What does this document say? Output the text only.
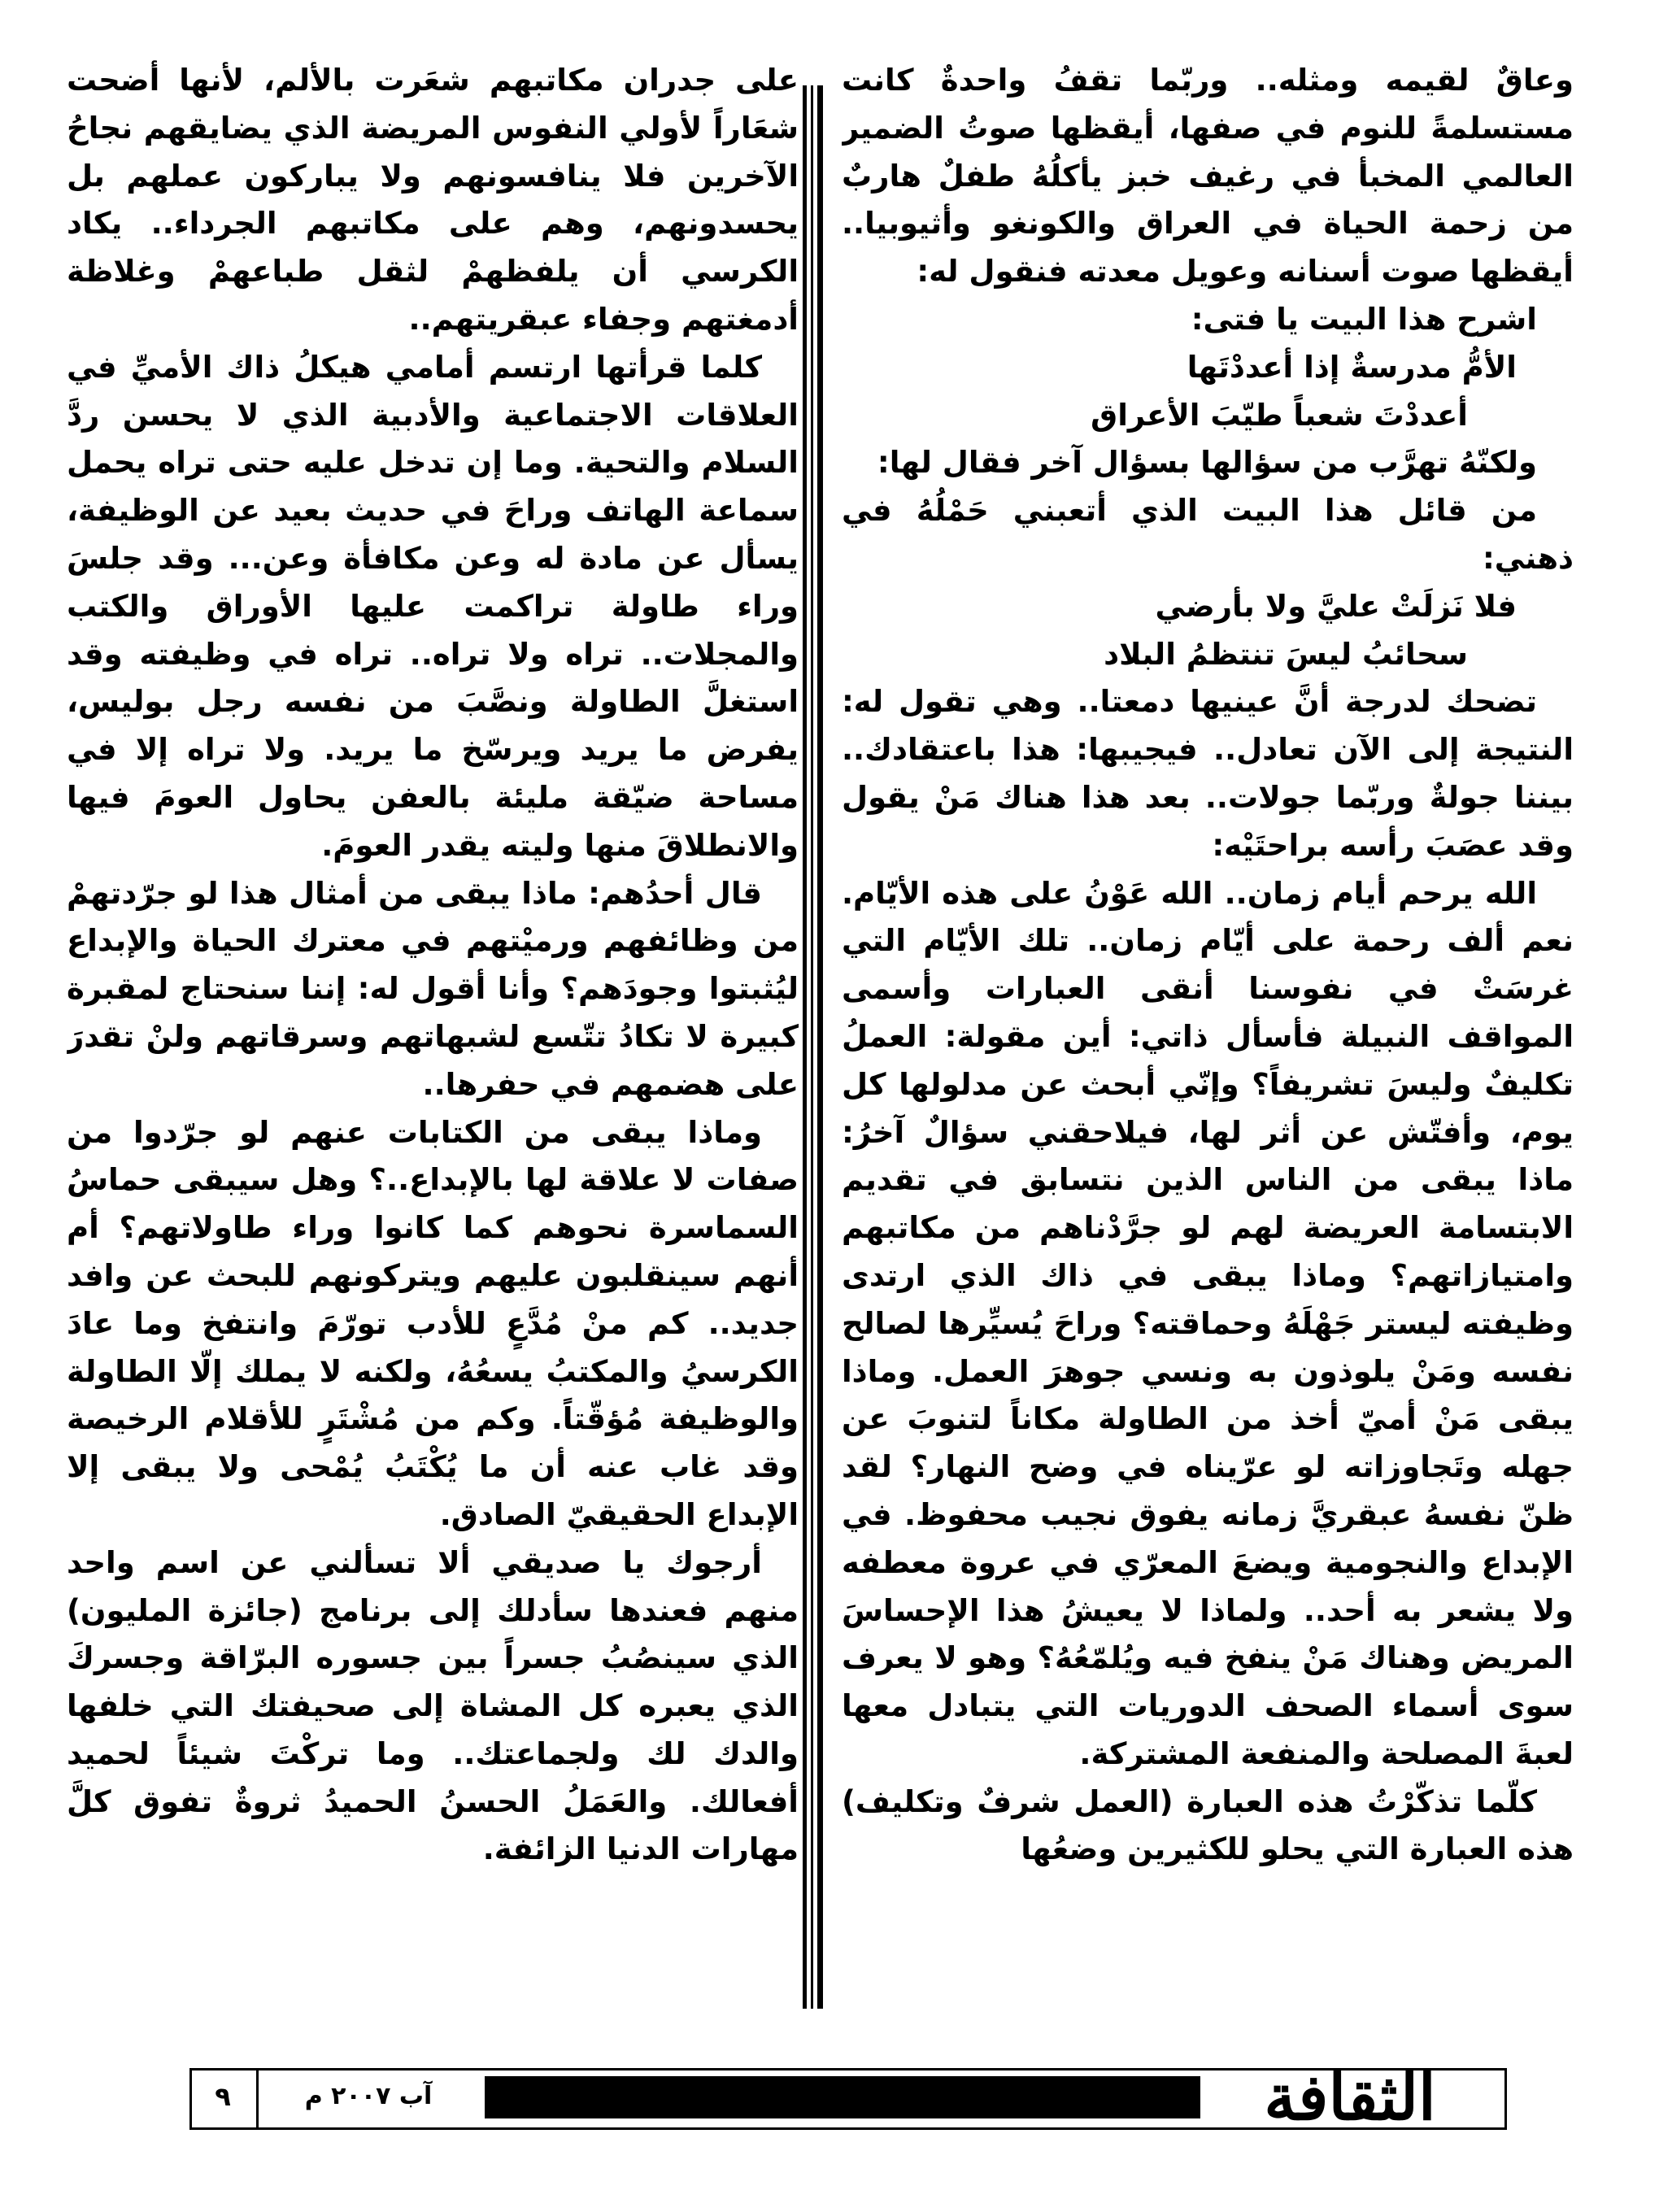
وعاقٌ لقيمه ومثله.. وربّما تقفُ واحدةٌ كانت مستسلمةً للنوم في صفها، أيقظها صوتُ الضمير العالمي المخبأ في رغيف خبز يأكلُهُ طفلٌ هاربٌ من زحمة الحياة في العراق والكونغو وأثيوبيا.. أيقظها صوت أسنانه وعويل معدته فنقول له:

اشرح هذا البيت يا فتى:

الأمُّ مدرسةٌ إذا أعددْتَها

أعددْتَ شعباً طيّبَ الأعراق

ولكنّهُ تهرَّب من سؤالها بسؤال آخر فقال لها:

من قائل هذا البيت الذي أتعبني حَمْلُهُ في ذهني:

فلا نَزلَتْ عليَّ ولا بأرضي

سحائبُ ليسَ تنتظمُ البلاد

تضحك لدرجة أنَّ عينيها دمعتا.. وهي تقول له: النتيجة إلى الآن تعادل.. فيجيبها: هذا باعتقادك.. بيننا جولةٌ وربّما جولات.. بعد هذا هناك مَنْ يقول وقد عصَبَ رأسه براحتَيْه:

الله يرحم أيام زمان.. الله عَوْنُ على هذه الأيّام. نعم ألف رحمة على أيّام زمان.. تلك الأيّام التي غرسَتْ في نفوسنا أنقى العبارات وأسمى المواقف النبيلة فأسأل ذاتي: أين مقولة: العملُ تكليفٌ وليسَ تشريفاً؟ وإنّي أبحث عن مدلولها كل يوم، وأفتّش عن أثر لها، فيلاحقني سؤالٌ آخرُ: ماذا يبقى من الناس الذين نتسابق في تقديم الابتسامة العريضة لهم لو جرَّدْناهم من مكاتبهم وامتيازاتهم؟ وماذا يبقى في ذاك الذي ارتدى وظيفته ليستر جَهْلَهُ وحماقته؟ وراحَ يُسيِّرها لصالح نفسه ومَنْ يلوذون به ونسي جوهرَ العمل. وماذا يبقى مَنْ أميّ أخذ من الطاولة مكاناً لتنوبَ عن جهله وتَجاوزاته لو عرّيناه في وضح النهار؟ لقد ظنّ نفسهُ عبقريَّ زمانه يفوق نجيب محفوظ. في الإبداع والنجومية ويضعَ المعرّي في عروة معطفه ولا يشعر به أحد.. ولماذا لا يعيشُ هذا الإحساسَ المريض وهناك مَنْ ينفخ فيه ويُلمّعُهُ؟ وهو لا يعرف سوى أسماء الصحف الدوريات التي يتبادل معها لعبةَ المصلحة والمنفعة المشتركة.

كلّما تذكّرْتُ هذه العبارة (العمل شرفٌ وتكليف) هذه العبارة التي يحلو للكثيرين وضعُها

على جدران مكاتبهم شعَرت بالألم، لأنها أضحت شعَاراً لأولي النفوس المريضة الذي يضايقهم نجاحُ الآخرين فلا ينافسونهم ولا يباركون عملهم بل يحسدونهم، وهم على مكاتبهم الجرداء.. يكاد الكرسي أن يلفظهمْ لثقل طباعهمْ وغلاظة أدمغتهم وجفاء عبقريتهم..

كلما قرأتها ارتسم أمامي هيكلُ ذاك الأميِّ في العلاقات الاجتماعية والأدبية الذي لا يحسن ردَّ السلام والتحية. وما إن تدخل عليه حتى تراه يحمل سماعة الهاتف وراحَ في حديث بعيد عن الوظيفة، يسأل عن مادة له وعن مكافأة وعن... وقد جلسَ وراء طاولة تراكمت عليها الأوراق والكتب والمجلات.. تراه ولا تراه.. تراه في وظيفته وقد استغلَّ الطاولة ونصَّبَ من نفسه رجل بوليس، يفرض ما يريد ويرسّخ ما يريد. ولا تراه إلا في مساحة ضيّقة مليئة بالعفن يحاول العومَ فيها والانطلاقَ منها وليته يقدر العومَ.

قال أحدُهم: ماذا يبقى من أمثال هذا لو جرّدتهمْ من وظائفهم ورميْتهم في معترك الحياة والإبداع ليُثبتوا وجودَهم؟ وأنا أقول له: إننا سنحتاج لمقبرة كبيرة لا تكادُ تتّسع لشبهاتهم وسرقاتهم ولنْ تقدرَ على هضمهم في حفرها..

وماذا يبقى من الكتابات عنهم لو جرّدوا من صفات لا علاقة لها بالإبداع..؟ وهل سيبقى حماسُ السماسرة نحوهم كما كانوا وراء طاولاتهم؟ أم أنهم سينقلبون عليهم ويتركونهم للبحث عن وافد جديد.. كم منْ مُدَّعٍ للأدب تورّمَ وانتفخ وما عادَ الكرسيُ والمكتبُ يسعُهُ، ولكنه لا يملك إلّا الطاولة والوظيفة مُؤقّتاً. وكم من مُشْتَرٍ للأقلام الرخيصة وقد غاب عنه أن ما يُكْتَبُ يُمْحى ولا يبقى إلا الإبداع الحقيقيّ الصادق.

أرجوك يا صديقي ألا تسألني عن اسم واحد منهم فعندها سأدلك إلى برنامج (جائزة المليون) الذي سينصُبُ جسراً بين جسوره البرّاقة وجسركَ الذي يعبره كل المشاة إلى صحيفتك التي خلفها والدك لك ولجماعتك.. وما تركْتَ شيئاً لحميد أفعالك. والعَمَلُ الحسنُ الحميدُ ثروةٌ تفوق كلَّ مهارات الدنيا الزائفة.

٩	آب ٢٠٠٧ م	الثقافة
